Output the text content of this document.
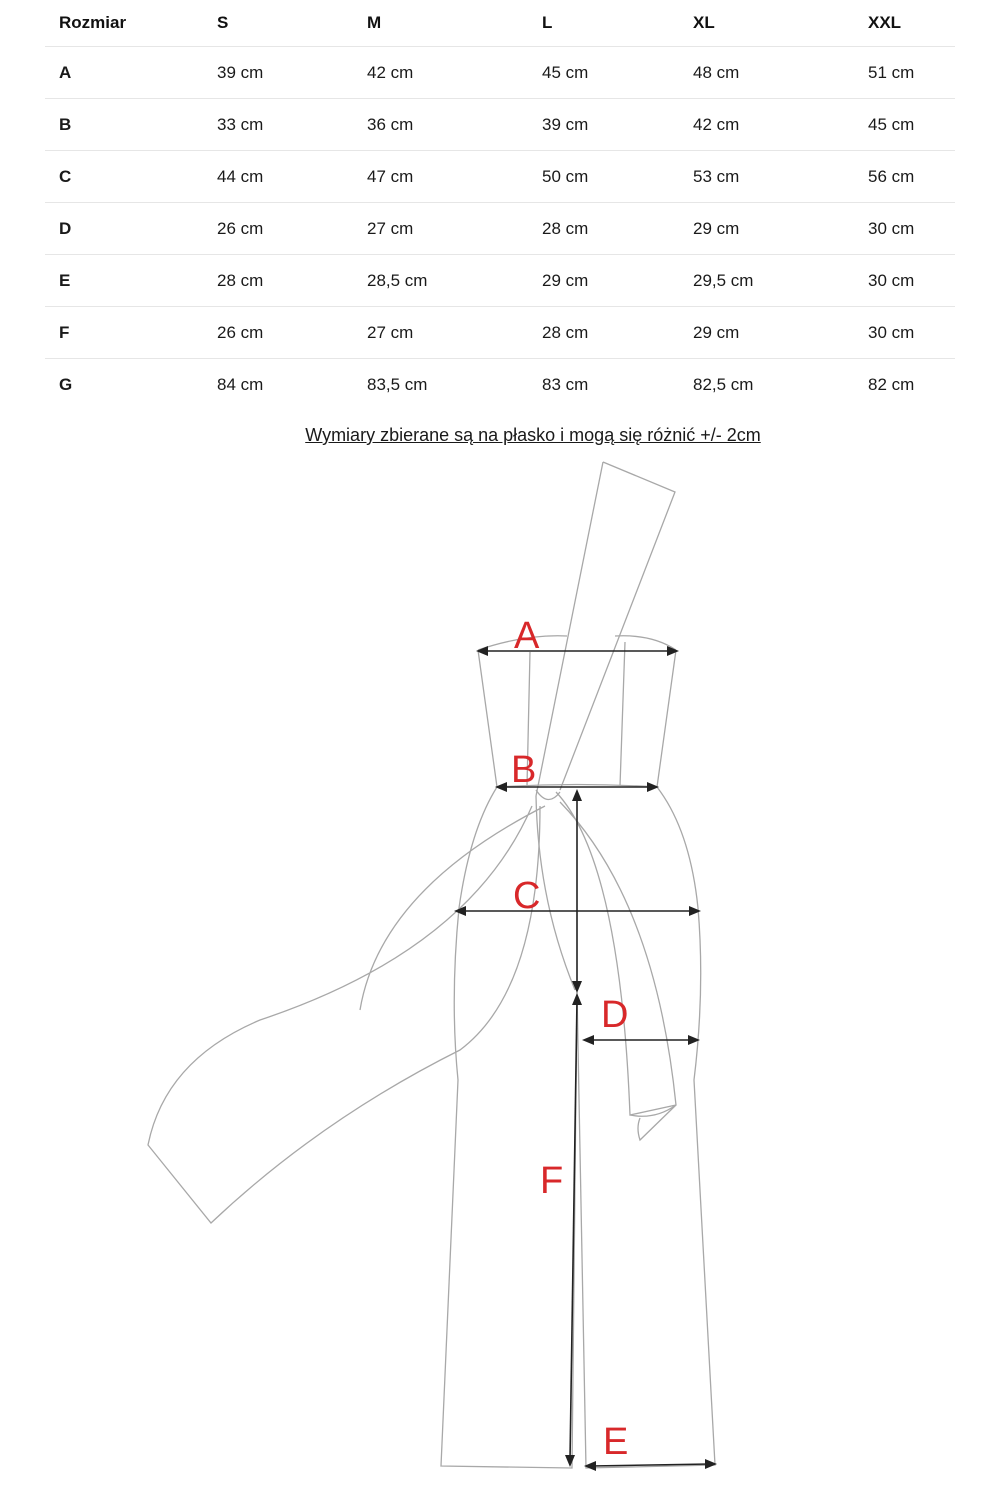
Rozmiar	S	M	L	XL	XXL
A	39 cm	42 cm	45 cm	48 cm	51 cm
B	33 cm	36 cm	39 cm	42 cm	45 cm
C	44 cm	47 cm	50 cm	53 cm	56 cm
D	26 cm	27 cm	28 cm	29 cm	30 cm
E	28 cm	28,5 cm	29 cm	29,5 cm	30 cm
F	26 cm	27 cm	28 cm	29 cm	30 cm
G	84 cm	83,5 cm	83 cm	82,5 cm	82 cm
Wymiary zbierane są na płasko i mogą się różnić +/- 2cm
A
B
C
D
F
E
